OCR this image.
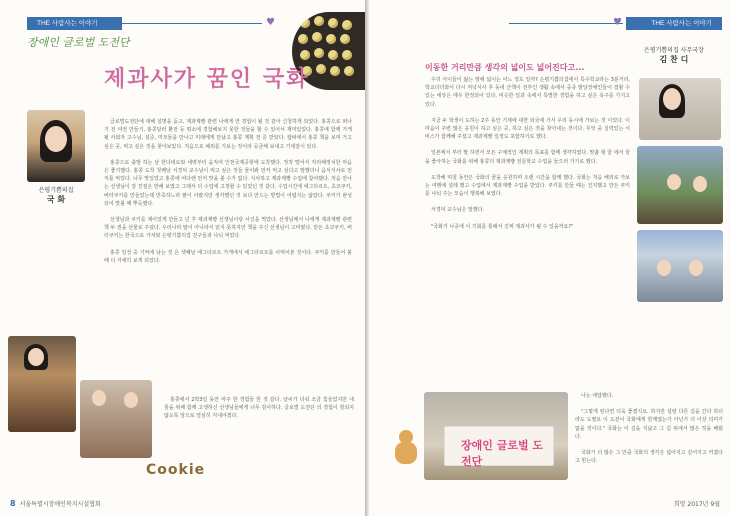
THE 사람사는 이야기	♥
장애인 글로벌 도전단
제과사가 꿈인 국화
은평기쁨의집
국 화

글로벌도전단에 대해 설명을 듣고, 제과제빵 관련 나에게 연 경험이 될 것 같아 신청하게 되었다. 홍콩으로 떠나기 전 여권 만들기, 홍콩달러 환전 등 평소에 경험해보지 못한 것들을 할 수 있어서 재미있었다. 홍콩에 함께 가게 될 사회자 고수님, 설준, 미모들을 만나고 미래에게 만났고 홍콩 계획 전 준 받았다. 캠퍼에서 홍콩 책을 보며 가고 싶은 곳, 먹고 싶은 것을 찾아보았다. 처음으로 해외를 가보는 것이라 공금해 보내고 기대감이 있다.

홍콩으로 출발 하는 날 한다데로와 새벽부터 움직여 인천국제공항에 도착했다. 정작 떨어서 처리해정치한 마음은 좋기했다. 홍콩 도착 첫째날 서경덕 교수님이 먹고 싶은 것들 물어봐 먼저 먹고 싶다고 말했더니 음식식사로 먼저를 먹었다. 너무 맛있었고 홍콩에 여다랜 먼저 맛을 볼 수가 없다. 식사하고 제과제빵 수업에 참여했다. 처음 만나는 선생님이 잘 친절은 반해 보였고 그래서 더 수업에 고정할 수 있었던 것 같다. 수업시간에 에그타르트, 초코쿠키, 버터쿠키를 만들었는데 반죽하느라 팔이 아팠지만 생각했던 것 보다 만드는 방법이 어렵지는 않았다. 쿠키가 완성되어 맛볼 때 뿌듯했다.

선생님과 쿠키를 제이었게 만들고 넌 후 제과제빵 선생님이랑 사진을 찍었다. 선생님께서 나에게 제과제빵 관련 책 두 권을 선물로 주셨다. 우리나라 말이 아니라서 읽지 못하지만 책을 주신 선생님이 고마웠다. 만든 초코쿠키, 버터쿠키는 한국으로 가져와 은평기쁨의집 친구들과 나눠 먹었다.

홍콩 일정 중 기억에 남는 것 은 셋째날 에그타르트 가게에서 에그타르트를 사먹어본 것이다. 쿠키를 만들어 볼 때 더 자세히 보게 되었다.

홍콩에서 2박3일 동안 마주 한 경험들 한 것 같다. 날씨가 더워 조금 힘들었지만 내 꿈을 위해 함께 고생하신 선생님들에게 너무 감사하다. 글로벌 도전단 의 경험이 헛되지 않도록 앞으로 열심히 지내야겠다.

Cookie
8 서울특별시장애인복지시설협회
♥	THE 사람사는 이야기
이동한 거리만큼 생각의 넓이도 넓어진다고...
은평기쁨의집 사무국장
김 찬 디

우리 아이들이 앓는 땅에 넓이는 어느 정도 일까? 은평기쁨의집에서 특수학교라는 3분거리, 학교다녀와서 다시 저녁식사 후 동네 산책이 전부인 생활 속에서 중증 발달장애인들이 접할 수 있는 세상은 매우 한정되어 있다. 비슷한 일과 속에서 특별한 경험을 하고 싶은 욕구를 가지고 있다.

지금 두 학생이 도하는 2주 동안 기계에 대한 외국에 가서 우리 동시에 가보는 것 이었다. 이 마음이 주변 많은 응원이 하고 싶은 곳, 하고 싶은 것을 찾아내는 것이다. 무엇 중 실력있는 서비스가 함께해 주셨고 제과제빵 일정도 포함하기로 했다.

일본에서 부터 발 하면서 모든 구체적인 계획의 목표를 함께 생각하였다. 맞춤 형 꿈 에서 꿈을 좋아하는 국화를 위해 홍콩의 제과제빵 전문학교 수업을 들으러 가기로 했다.

도착해 며칠 동안은 국화의 꿈을 응원하며 오랜 시간을 함께 했다. 국화는 처음 해외로 가보는 여행에 설레 했고 수업에서 제과제빵 수업을 받았다. 쿠키를 만들 때는 진지했고 만든 쿠키를 나눠 주는 모습이 행복해 보였다.

서경덕 교수님은 말했다.

"국화가 나중에 이 기회를 통해서 진짜 제과사가 될 수 있을까요?"

장애인 글로벌 도전단

나는 대답했다.

"그렇게 된다면 더욱 좋겠지요. 하지만 설령 다른 길을 간다 하더라도 도필요 이 도전이 국화에게 한계였는가 아닌가 더 이상 의미가 없을 것이다." 국화는 이 길을 지났고 그 길 위에서 많은 것을 배웠다.

국화가 더 많은 그 만큼 국화의 생각은 넓어지고 깊어지고 커졌다고 믿는다.

희망 2017년 9월
